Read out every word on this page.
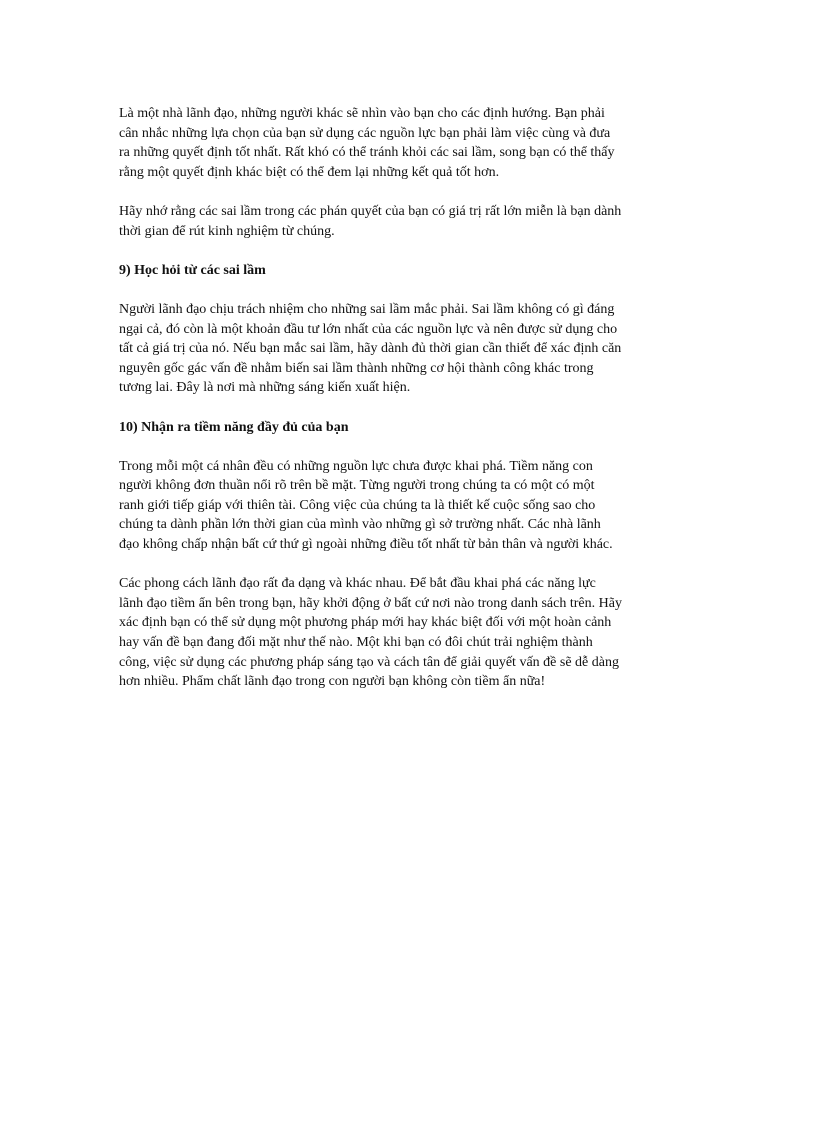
Là một nhà lãnh đạo, những người khác sẽ nhìn vào bạn cho các định hướng. Bạn phải
cân nhắc những lựa chọn của bạn sử dụng các nguồn lực bạn phải làm việc cùng và đưa
ra những quyết định tốt nhất. Rất khó có thể tránh khỏi các sai lầm, song bạn có thể thấy
rằng một quyết định khác biệt có thể đem lại những kết quả tốt hơn.

Hãy nhớ rằng các sai lầm trong các phán quyết của bạn có giá trị rất lớn miễn là bạn dành
thời gian để rút kinh nghiệm từ chúng.

9) Học hỏi từ các sai lầm

Người lãnh đạo chịu trách nhiệm cho những sai lầm mắc phải. Sai lầm không có gì đáng
ngại cả, đó còn là một khoản đầu tư lớn nhất của các nguồn lực và nên được sử dụng cho
tất cả giá trị của nó. Nếu bạn mắc sai lầm, hãy dành đủ thời gian cần thiết để xác định căn
nguyên gốc gác vấn đề nhằm biến sai lầm thành những cơ hội thành công khác trong
tương lai. Đây là nơi mà những sáng kiến xuất hiện.

10) Nhận ra tiềm năng đầy đủ của bạn

Trong mỗi một cá nhân đều có những nguồn lực chưa được khai phá. Tiềm năng con
người không đơn thuần nổi rõ trên bề mặt. Từng người trong chúng ta có một có một
ranh giới tiếp giáp với thiên tài. Công việc của chúng ta là thiết kế cuộc sống sao cho
chúng ta dành phần lớn thời gian của mình vào những gì sở trường nhất. Các nhà lãnh
đạo không chấp nhận bất cứ thứ gì ngoài những điều tốt nhất từ bản thân và người khác.

Các phong cách lãnh đạo rất đa dạng và khác nhau. Để bắt đầu khai phá các năng lực
lãnh đạo tiềm ẩn bên trong bạn, hãy khởi động ở bất cứ nơi nào trong danh sách trên. Hãy
xác định bạn có thể sử dụng một phương pháp mới hay khác biệt đối với một hoàn cảnh
hay vấn đề bạn đang đối mặt như thế nào. Một khi bạn có đôi chút trải nghiệm thành
công, việc sử dụng các phương pháp sáng tạo và cách tân để giải quyết vấn đề sẽ dễ dàng
hơn nhiều. Phẩm chất lãnh đạo trong con người bạn không còn tiềm ẩn nữa!
